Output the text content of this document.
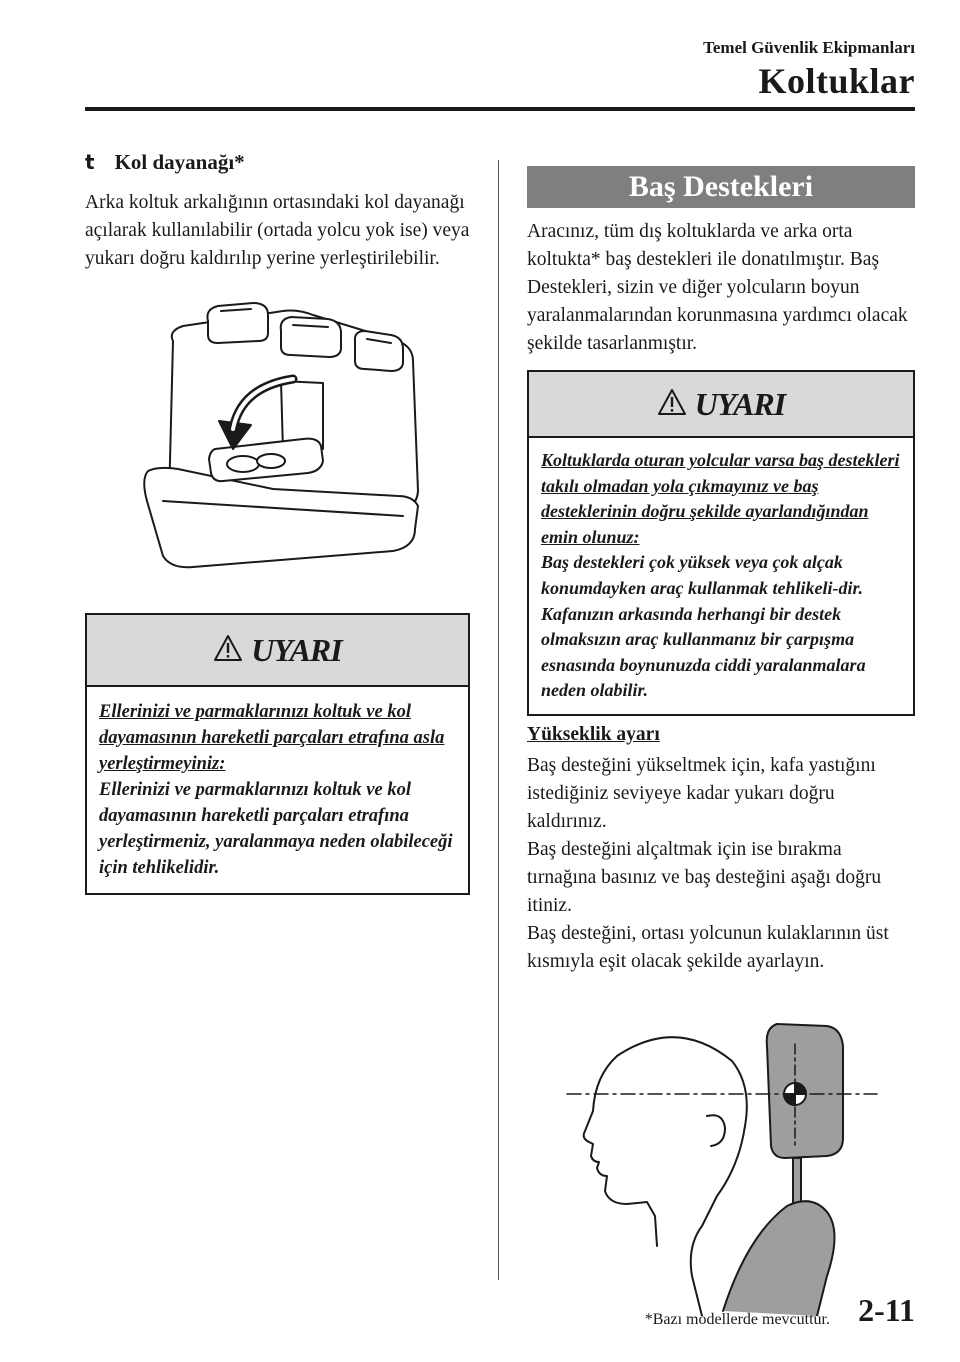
Temel Güvenlik Ekipmanları
Koltuklar
t Kol dayanağı*

Arka koltuk arkalığının ortasındaki kol dayanağı açılarak kullanılabilir (ortada yolcu yok ise) veya yukarı doğru kaldırılıp yerine yerleştirilebilir.

UYARI
Ellerinizi ve parmaklarınızı koltuk ve kol dayamasının hareketli parçaları etrafına asla yerleştirmeyiniz:
Ellerinizi ve parmaklarınızı koltuk ve kol dayamasının hareketli parçaları etrafına yerleştirmeniz, yaralanmaya neden olabileceği için tehlikelidir.
Baş Destekleri

Aracınız, tüm dış koltuklarda ve arka orta koltukta* baş destekleri ile donatılmıştır. Baş Destekleri, sizin ve diğer yolcuların boyun yaralanmalarından korunmasına yardımcı olacak şekilde tasarlanmıştır.

UYARI
Koltuklarda oturan yolcular varsa baş destekleri takılı olmadan yola çıkmayınız ve baş desteklerinin doğru şekilde ayarlandığından emin olunuz:
Baş destekleri çok yüksek veya çok alçak konumdayken araç kullanmak tehlikeli-dir. Kafanızın arkasında herhangi bir destek olmaksızın araç kullanmanız bir çarpışma esnasında boynunuzda ciddi yaralanmalara neden olabilir.
Yükseklik ayarı

Baş desteğini yükseltmek için, kafa yastığını istediğiniz seviyeye kadar yukarı doğru kaldırınız.

Baş desteğini alçaltmak için ise bırakma tırnağına basınız ve baş desteğini aşağı doğru itiniz.

Baş desteğini, ortası yolcunun kulaklarının üst kısmıyla eşit olacak şekilde ayarlayın.

*Bazı modellerde mevcuttur. 2-11
